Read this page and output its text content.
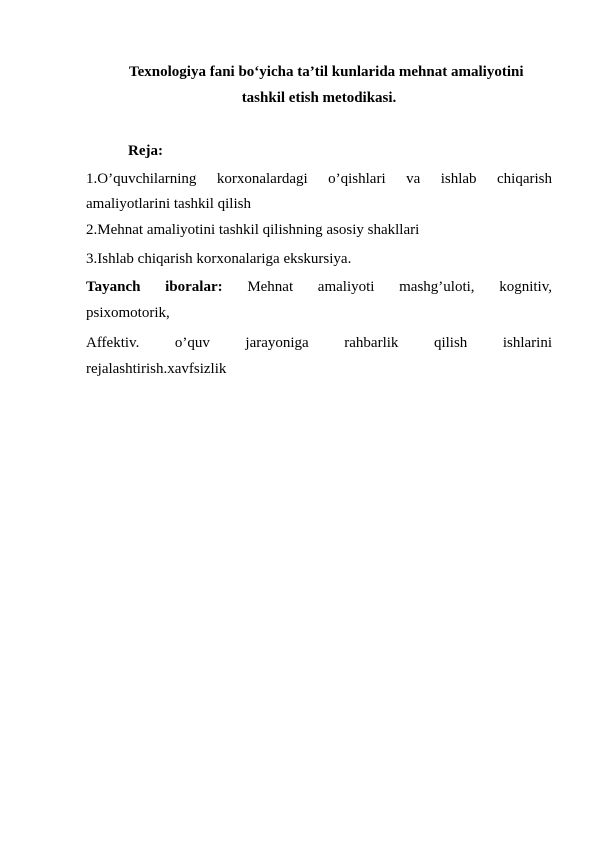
Texnologiya fani bo‘yicha ta’til kunlarida mehnat amaliyotini
tashkil etish metodikasi.
Reja:
1.O’quvchilarning korxonalardagi o’qishlari va ishlab chiqarish
amaliyotlarini tashkil qilish
2.Mehnat amaliyotini tashkil qilishning asosiy shakllari
3.Ishlab chiqarish korxonalariga ekskursiya.
Tayanch iboralar: Mehnat amaliyoti mashg’uloti, kognitiv,
psixomotorik,
Affektiv. o’quv jarayoniga rahbarlik qilish ishlarini
rejalashtirish.xavfsizlik
